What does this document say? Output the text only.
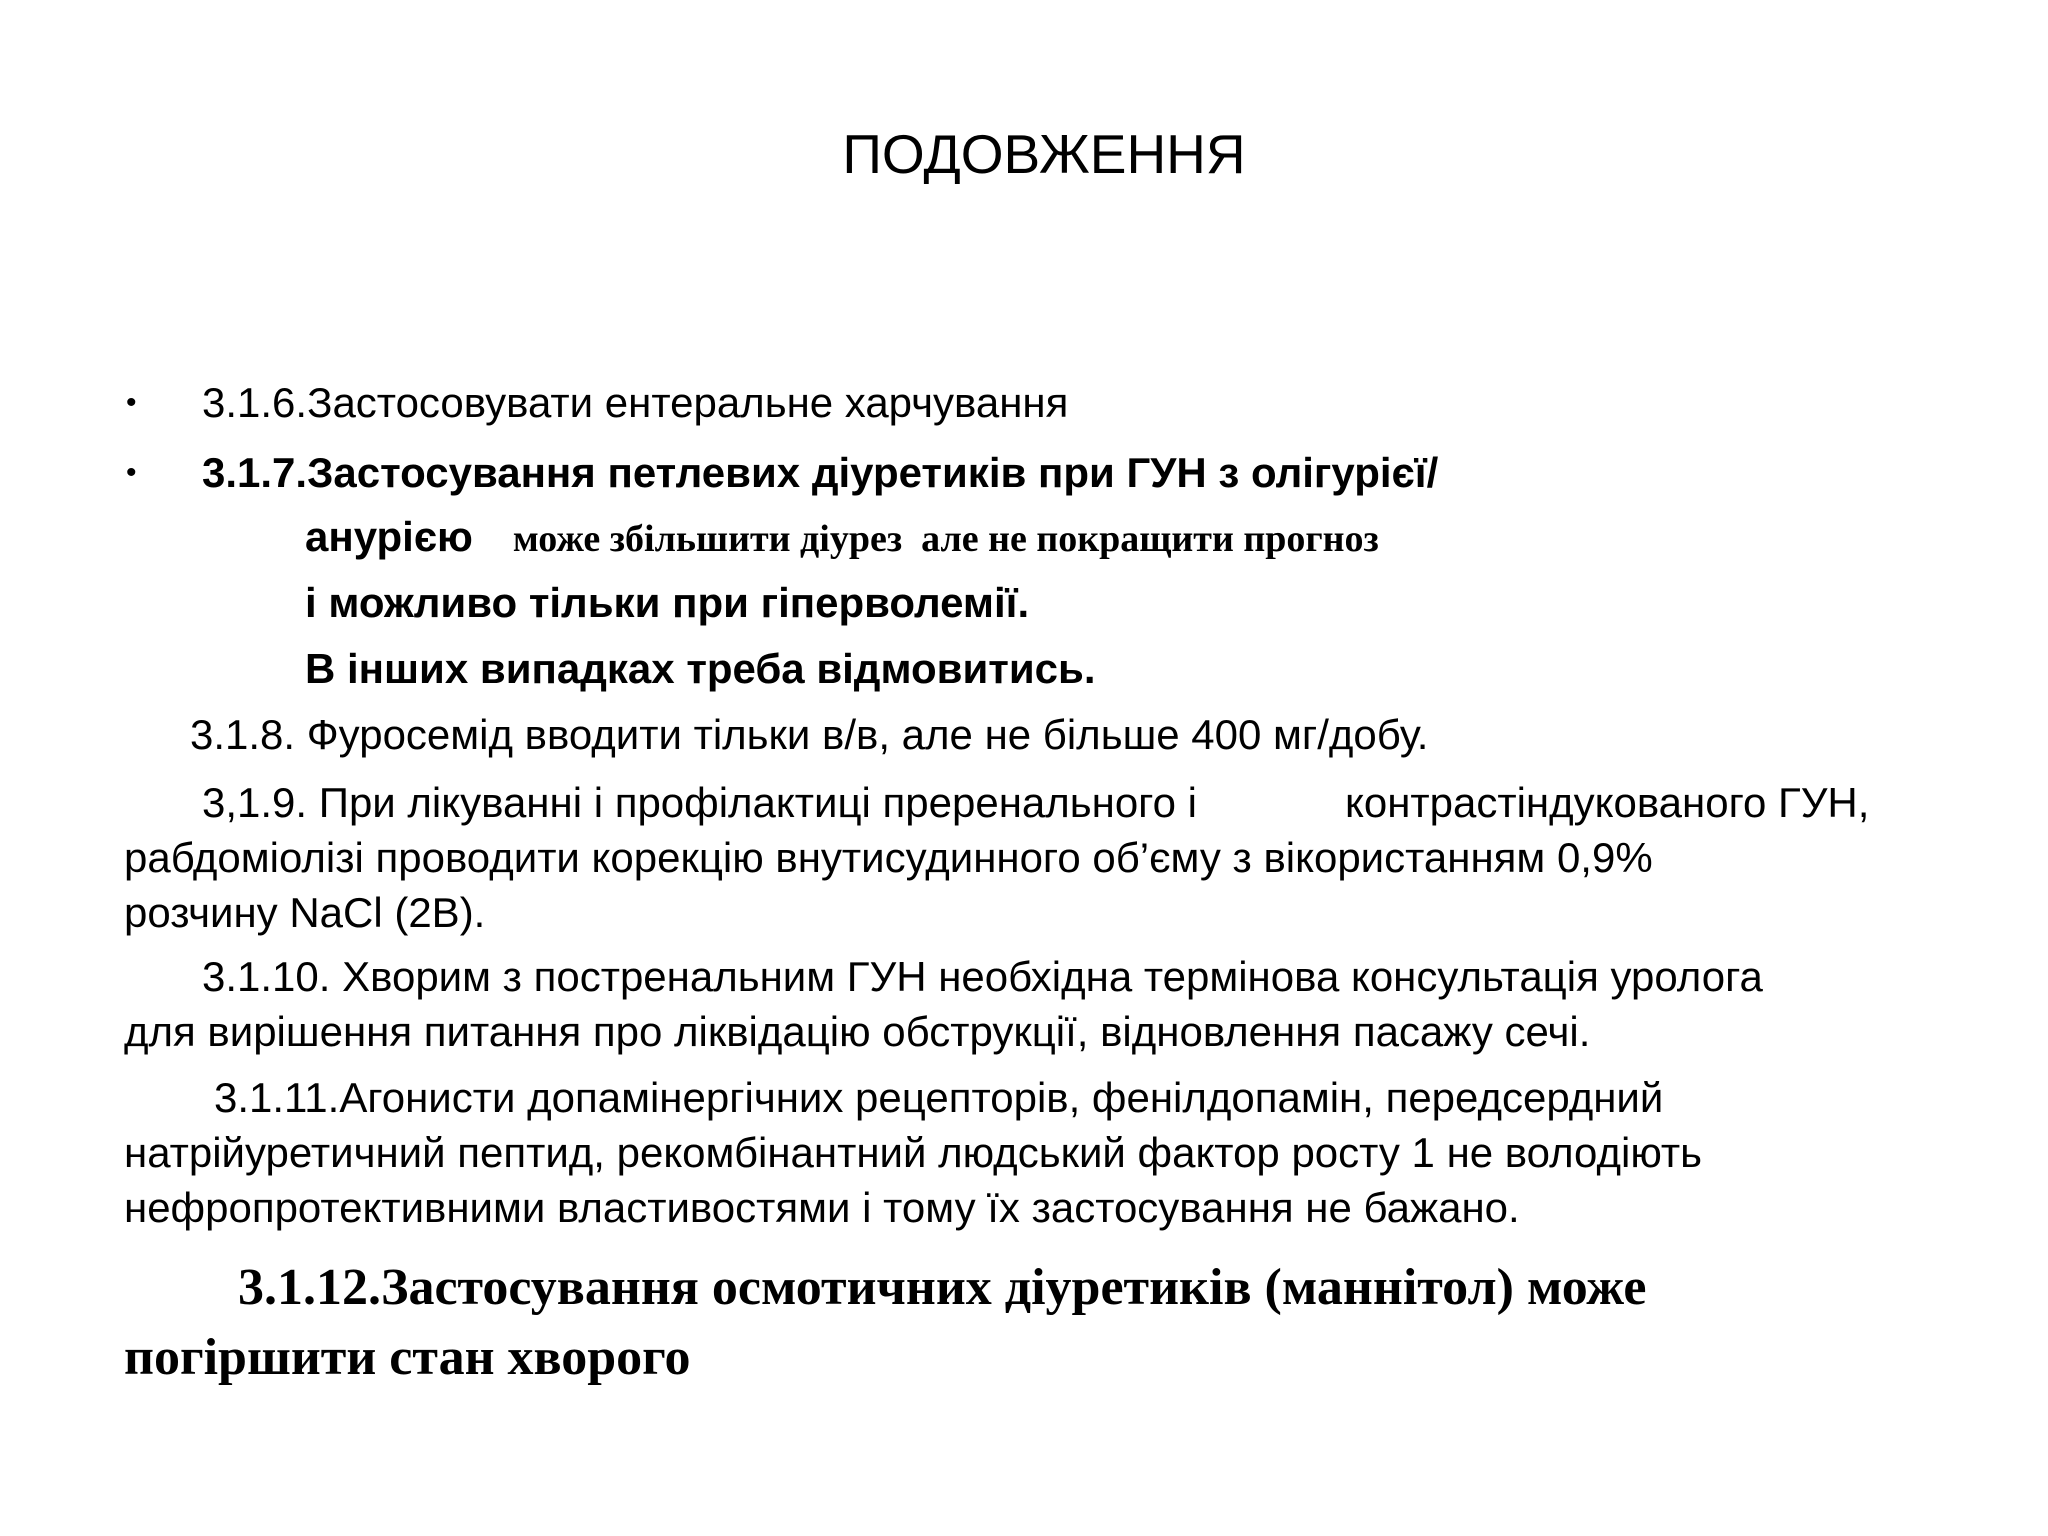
ПОДОВЖЕННЯ
• 3.1.6.Застосовувати ентеральне харчування
• 3.1.7.Застосування петлевих діуретиків при ГУН з олігурієї/
анурією може збільшити діурез  але не покращити прогноз
і можливо тільки при гіперволемії.
В інших випадках треба відмовитись.
3.1.8. Фуросемід вводити тільки в/в, але не більше 400 мг/добу.
3,1.9. При лікуванні і профілактиці преренального і	контрастіндукованого ГУН,
рабдоміолізі проводити корекцію внутисудинного об’єму з вікористанням 0,9%
розчину NaCl (2В).
3.1.10. Хворим з постренальним ГУН необхідна термінова консультація уролога
для вирішення питання про ліквідацію обструкції, відновлення пасажу сечі.
3.1.11.Агонисти допамінергічних рецепторів, фенілдопамін, передсердний
натрійуретичний пептид, рекомбінантний людський фактор росту 1 не володіють
нефропротективними властивостями і тому їх застосування не бажано.
3.1.12.Застосування осмотичних діуретиків (маннітол) може
погіршити стан хворого
